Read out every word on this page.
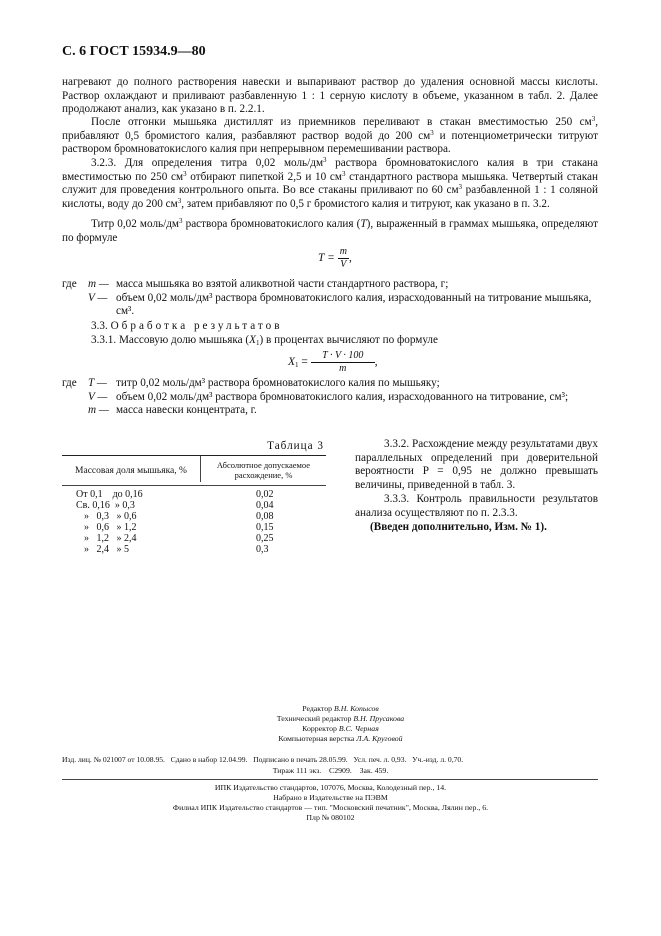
С. 6 ГОСТ 15934.9—80
нагревают до полного растворения навески и выпаривают раствор до удаления основной массы кислоты. Раствор охлаждают и приливают разбавленную 1 : 1 серную кислоту в объеме, указанном в табл. 2. Далее продолжают анализ, как указано в п. 2.2.1.
После отгонки мышьяка дистиллят из приемников переливают в стакан вместимостью 250 $см^3$, прибавляют 0,5 бромистого калия, разбавляют раствор водой до 200 $см^3$ и потенциометрически титруют раствором бромноватокислого калия при непрерывном перемешивании раствора.
3.2.3. Для определения титра 0,02 моль/$дм^3$ раствора бромноватокислого калия в три стакана вместимостью по 250 $см^3$ отбирают пипеткой 2,5 и 10 $см^3$ стандартного раствора мышьяка. Четвертый стакан служит для проведения контрольного опыта. Во все стаканы приливают по 60 $см^3$ разбавленной 1 : 1 соляной кислоты, воду до 200 $см^3$, затем прибавляют по 0,5 г бромистого калия и титруют, как указано в п. 3.2.
Титр 0,02 моль/$дм^3$ раствора бромноватокислого калия (T), выраженный в граммах мышьяка, определяют по формуле
$T = \frac{m}{V}$ ,
где	m — масса мышьяка во взятой аликвотной части стандартного раствора, г;
V — объем 0,02 моль/дм³ раствора бромноватокислого калия, израсходованный на титрование мышьяка, см³.
3.3. Обработка результатов
3.3.1. Массовую долю мышьяка $(X_1)$ в процентах вычисляют по формуле
$X_1 = \frac{T \cdot V \cdot 100}{m}$ ,
где	T — титр 0,02 моль/дм³ раствора бромноватокислого калия по мышьяку;
V — объем 0,02 моль/дм³ раствора бромноватокислого калия, израсходованного на титрование, см³;
m — масса навески концентрата, г.
Таблица 3
Массовая доля мышьяка, %	Абсолютное допускаемое расхождение, %
От 0,1    до 0,16	0,02
Св. 0,16  » 0,3	0,04
»   0,3   » 0,6	0,08
»   0,6   » 1,2	0,15
»   1,2   » 2,4	0,25
»   2,4   » 5	0,3
3.3.2. Расхождение между результатами двух параллельных определений при доверительной вероятности P = 0,95 не должно превышать величины, приведенной в табл. 3.
3.3.3. Контроль правильности результатов анализа осуществляют по п. 2.3.3.
(Введен дополнительно, Изм. № 1).
Редактор В.Н. Копысов
Технический редактор В.Н. Прусакова
Корректор В.С. Черная
Компьютерная верстка Л.А. Круговой
Изд. лиц. № 021007 от 10.08.95.   Сдано в набор 12.04.99.   Подписано в печать 28.05.99.   Усл. печ. л. 0,93.   Уч.-изд. л. 0,70.
Тираж 111 экз.    С2909.    Зак. 459.
ИПК Издательство стандартов, 107076, Москва, Колодезный пер., 14.
Набрано в Издательстве на ПЭВМ
Филиал ИПК Издательство стандартов — тип. "Московский печатник", Москва, Лялин пер., 6.
Плр № 080102
